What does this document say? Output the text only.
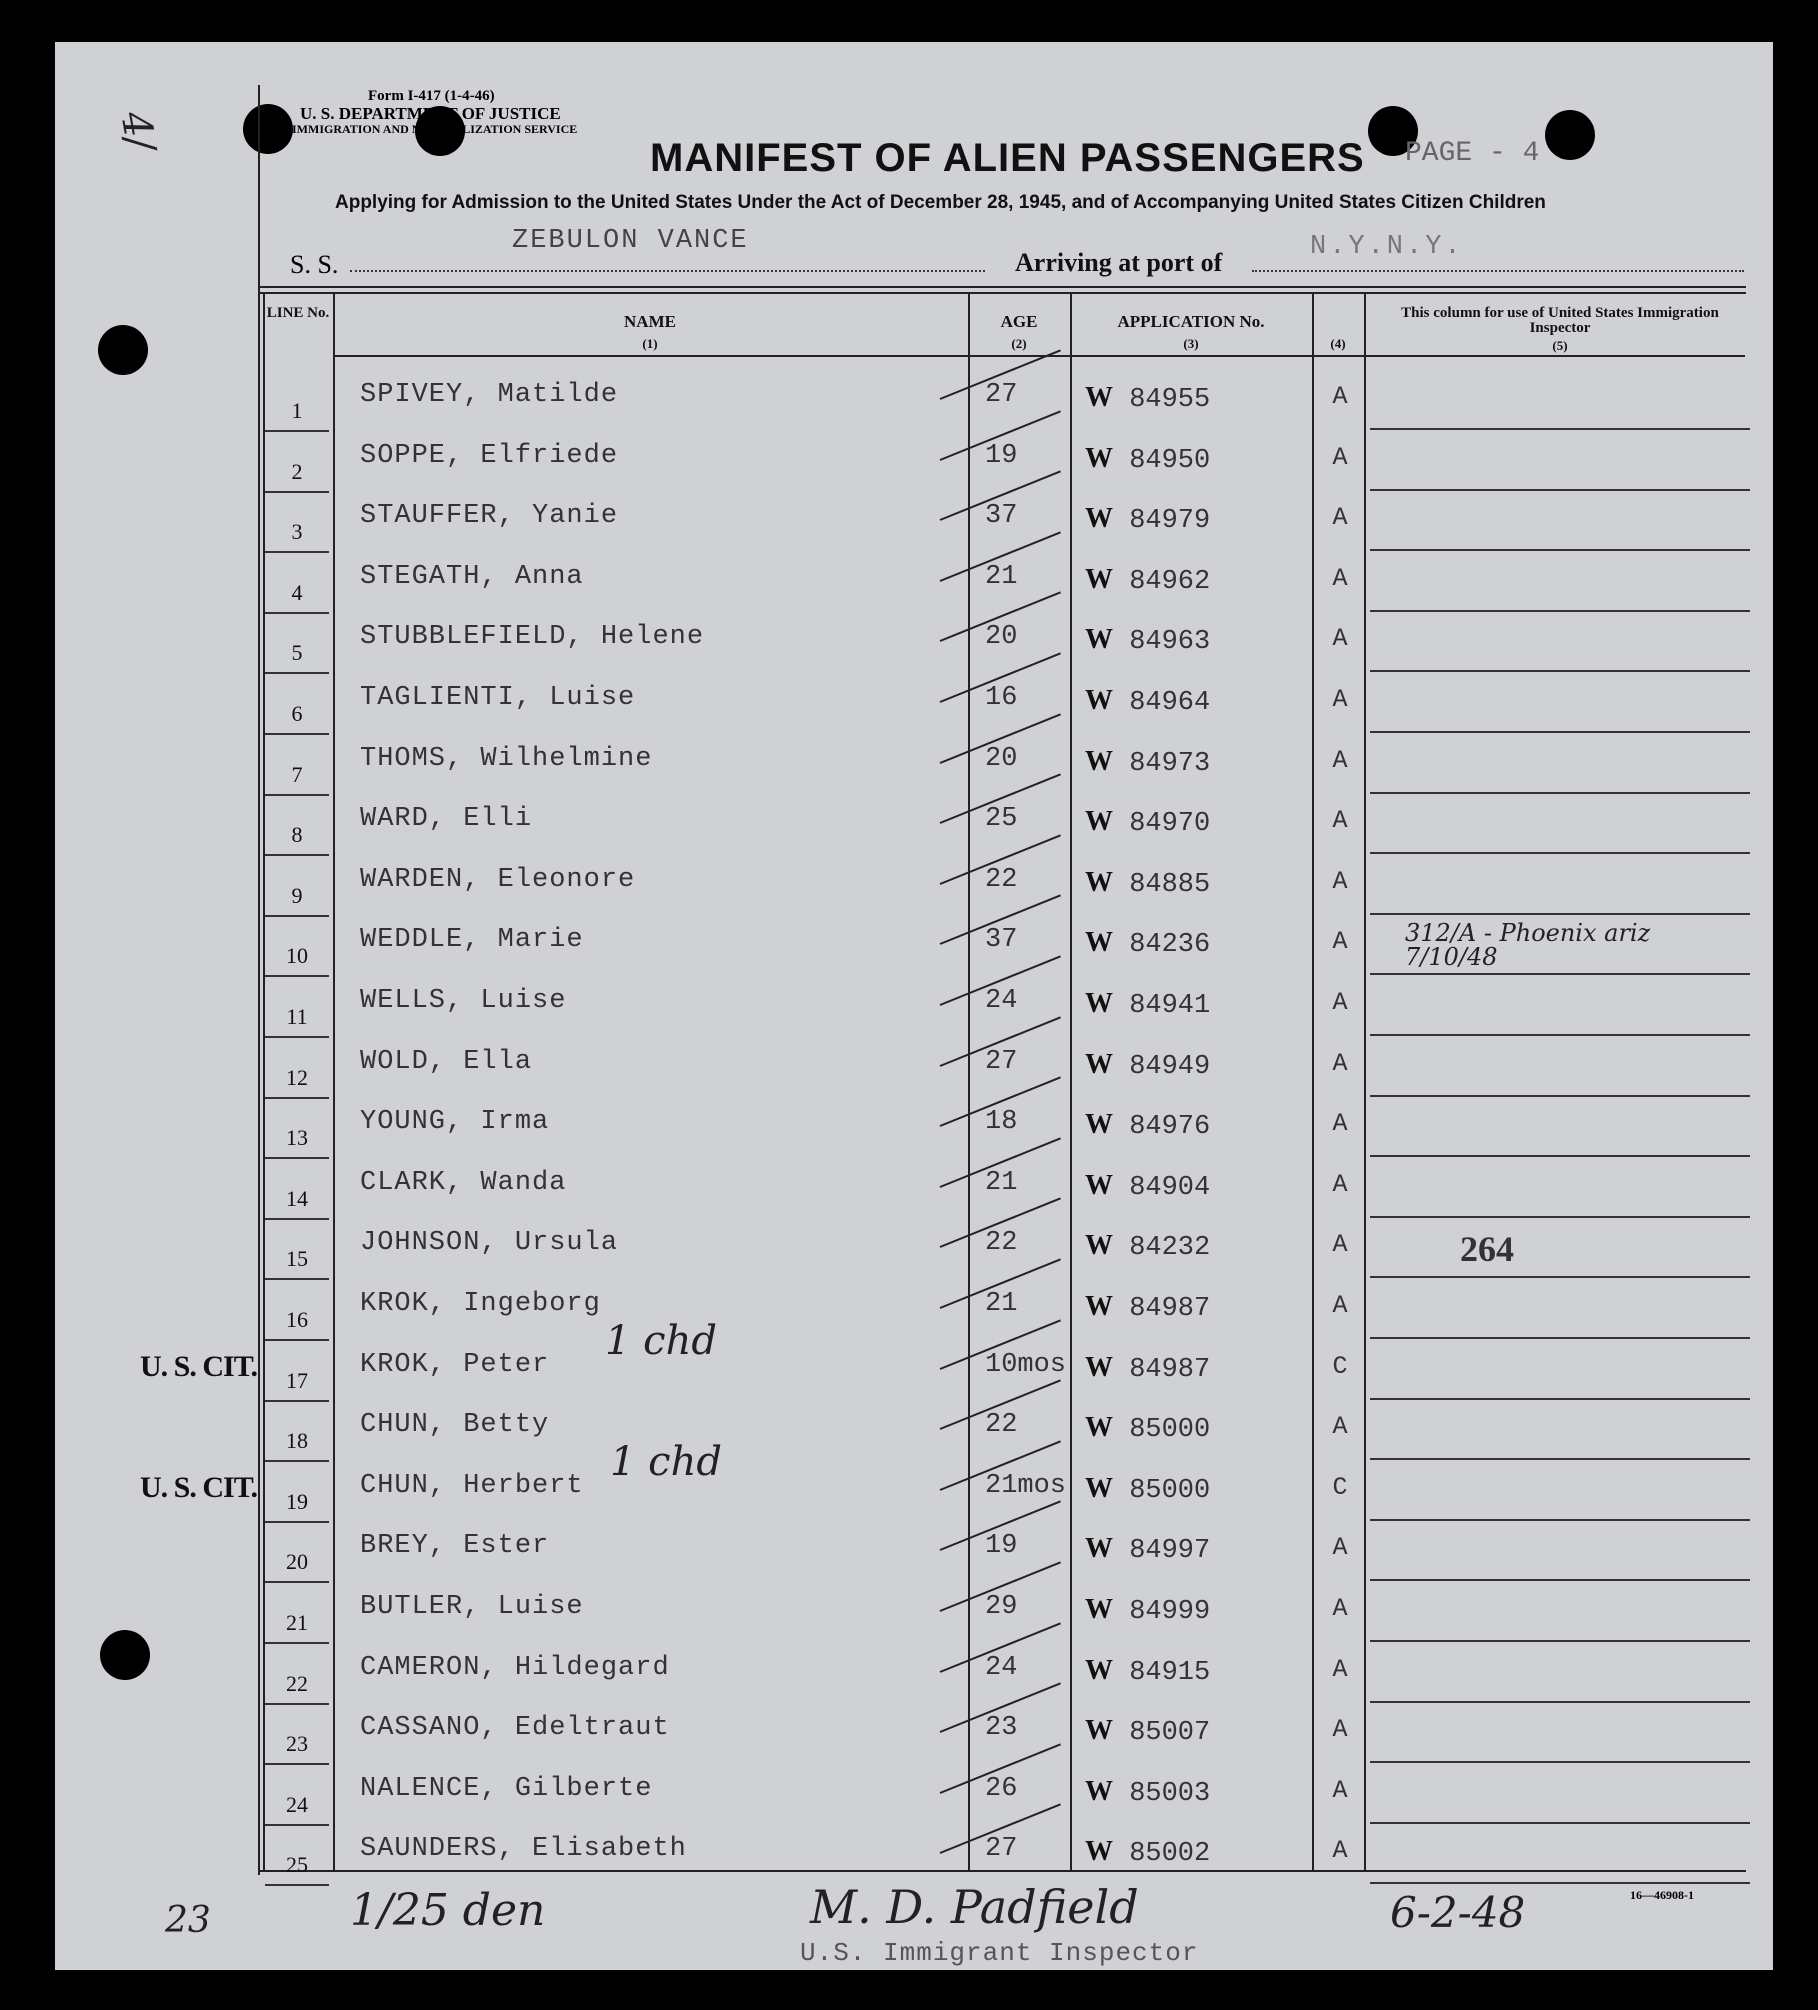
4/
Form I-417 (1-4-46)
U. S. DEPARTMENT OF JUSTICE
IMMIGRATION AND NATURALIZATION SERVICE
MANIFEST OF ALIEN PASSENGERS PAGE - 4
Applying for Admission to the United States Under the Act of December 28, 1945, and of Accompanying United States Citizen Children
S. S.
ZEBULON VANCE
Arriving at port of
N.Y.N.Y.
LINE No.	NAME
(1)
AGE
(2)
APPLICATION No.
(3)	(4)
This column for use of United States Immigration Inspector
(5)
1
SPIVEY, Matilde	27 W 84955	A
2
SOPPE, Elfriede	19 W 84950	A
3
STAUFFER, Yanie	37 W 84979	A
4
STEGATH, Anna	21 W 84962	A
5
STUBBLEFIELD, Helene	20 W 84963	A
6
TAGLIENTI, Luise	16 W 84964	A
7
THOMS, Wilhelmine	20 W 84973	A
8
WARD, Elli	25 W 84970	A
9
WARDEN, Eleonore	22 W 84885	A
10
WEDDLE, Marie	37 W 84236	A	312/A - Phoenix ariz 7/10/48
11
WELLS, Luise	24 W 84941	A
12
WOLD, Ella	27 W 84949	A
13
YOUNG, Irma	18 W 84976	A
14
CLARK, Wanda	21 W 84904	A
15
JOHNSON, Ursula	22 W 84232	A	264
16
KROK, Ingeborg	21 W 84987	A
17
KROK, Peter	10mos W 84987	C
U. S. CIT.
1 chd
18
CHUN, Betty	22 W 85000	A
19
CHUN, Herbert	21mos W 85000	C
U. S. CIT.
1 chd
20
BREY, Ester	19 W 84997	A
21
BUTLER, Luise	29 W 84999	A
22
CAMERON, Hildegard	24 W 84915	A
23
CASSANO, Edeltraut	23 W 85007	A
24
NALENCE, Gilberte	26 W 85003	A
25
SAUNDERS, Elisabeth	27 W 85002	A
23	1/25 den	M. D. Padfield	6-2-48	16—46908-1
U.S. Immigrant Inspector
